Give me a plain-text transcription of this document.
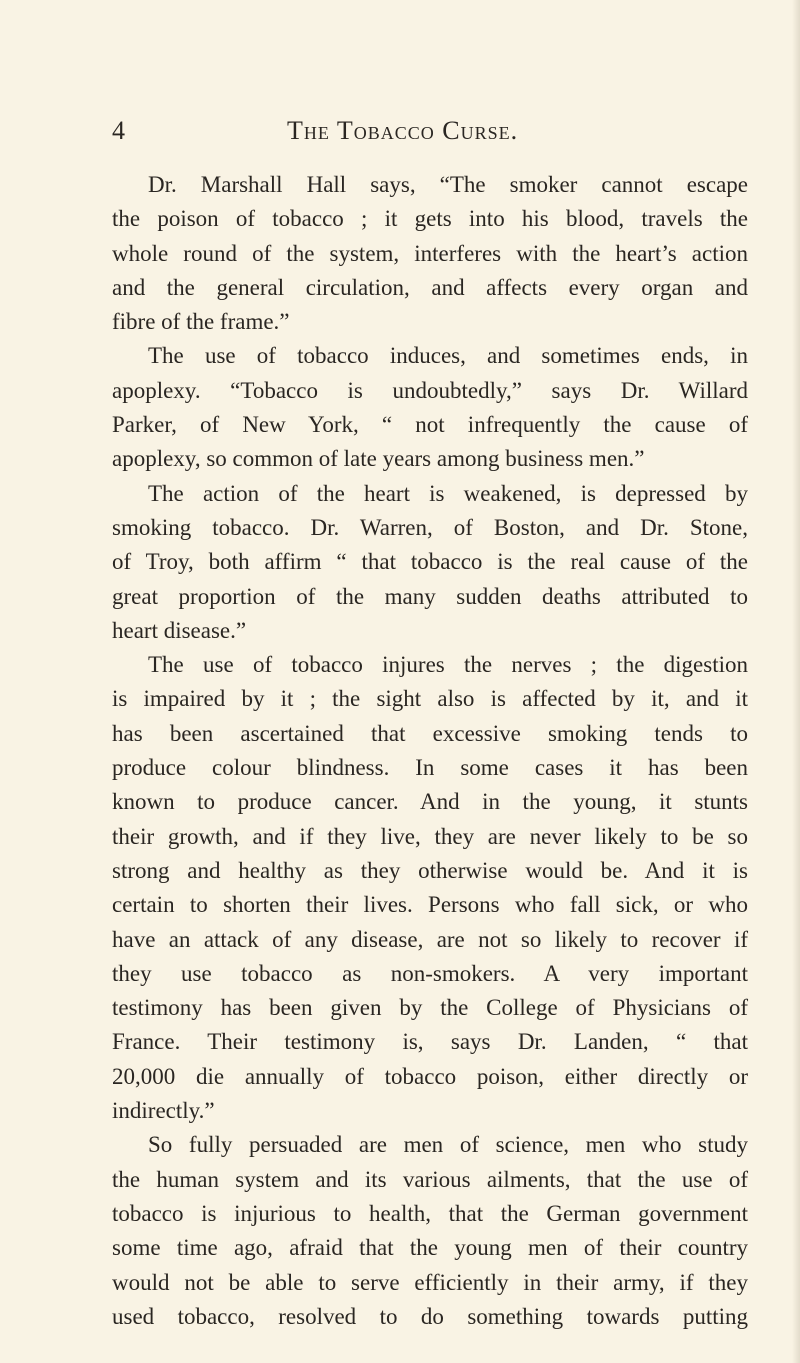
4	The Tobacco Curse.
Dr. Marshall Hall says, “The smoker cannot escape
the poison of tobacco ; it gets into his blood, travels the
whole round of the system, interferes with the heart’s action
and the general circulation, and affects every organ and
fibre of the frame.”
The use of tobacco induces, and sometimes ends, in
apoplexy. “Tobacco is undoubtedly,” says Dr. Willard
Parker, of New York, “ not infrequently the cause of
apoplexy, so common of late years among business men.”
The action of the heart is weakened, is depressed by
smoking tobacco. Dr. Warren, of Boston, and Dr. Stone,
of Troy, both affirm “ that tobacco is the real cause of the
great proportion of the many sudden deaths attributed to
heart disease.”
The use of tobacco injures the nerves ; the digestion
is impaired by it ; the sight also is affected by it, and it
has been ascertained that excessive smoking tends to
produce colour blindness. In some cases it has been
known to produce cancer. And in the young, it stunts
their growth, and if they live, they are never likely to be so
strong and healthy as they otherwise would be. And it is
certain to shorten their lives. Persons who fall sick, or who
have an attack of any disease, are not so likely to recover if
they use tobacco as non-smokers. A very important
testimony has been given by the College of Physicians of
France. Their testimony is, says Dr. Landen, “ that
20,000 die annually of tobacco poison, either directly or
indirectly.”
So fully persuaded are men of science, men who study
the human system and its various ailments, that the use of
tobacco is injurious to health, that the German government
some time ago, afraid that the young men of their country
would not be able to serve efficiently in their army, if they
used tobacco, resolved to do something towards putting
